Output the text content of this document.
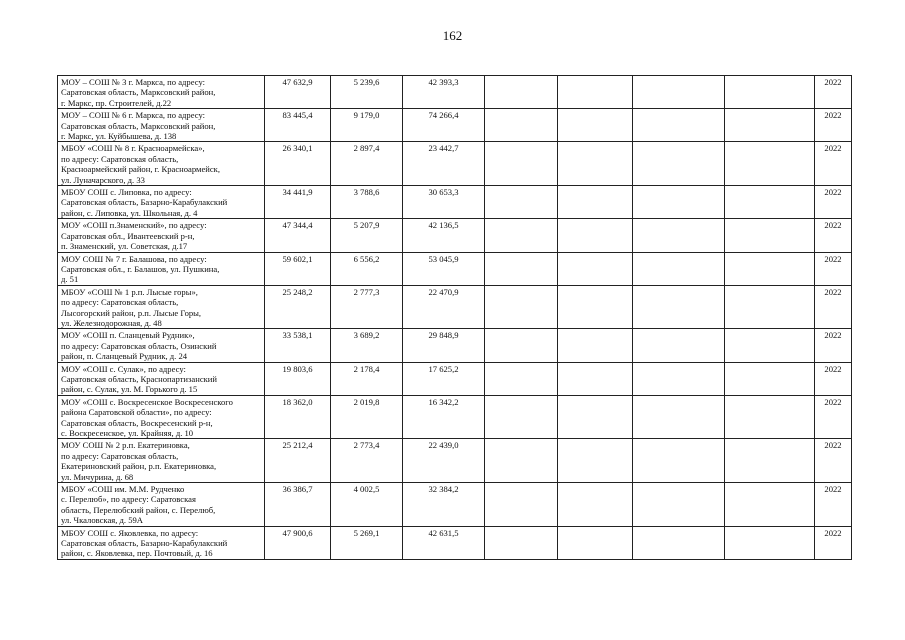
162
МОУ – СОШ № 3 г. Маркса, по адресу:
Саратовская область, Марксовский район,
г. Маркс, пр. Строителей, д.22	47 632,9	5 239,6	42 393,3					2022

МОУ – СОШ № 6 г. Маркса, по адресу:
Саратовская область, Марксовский район,
г. Маркс, ул. Куйбышева, д. 138	83 445,4	9 179,0	74 266,4					2022

МБОУ «СОШ № 8 г. Красноармейска»,
по адресу: Саратовская область,
Красноармейский район, г. Красноармейск,
ул. Луначарского, д. 33	26 340,1	2 897,4	23 442,7					2022

МБОУ СОШ с. Липовка, по адресу:
Саратовская область, Базарно-Карабулакский
район, с. Липовка, ул. Школьная, д. 4	34 441,9	3 788,6	30 653,3					2022

МОУ «СОШ п.Знаменский», по адресу:
Саратовская обл., Ивантеевский р-н,
п. Знаменский, ул. Советская, д.17	47 344,4	5 207,9	42 136,5					2022

МОУ СОШ № 7 г. Балашова, по адресу:
Саратовская обл., г. Балашов, ул. Пушкина,
д. 51	59 602,1	6 556,2	53 045,9					2022

МБОУ «СОШ № 1 р.п. Лысые горы»,
по адресу: Саратовская область,
Лысогорский район, р.п. Лысые Горы,
ул. Железнодорожная, д. 48	25 248,2	2 777,3	22 470,9					2022

МОУ «СОШ п. Сланцевый Рудник»,
по адресу: Саратовская область, Озинский
район, п. Сланцевый Рудник, д. 24	33 538,1	3 689,2	29 848,9					2022

МОУ «СОШ с. Сулак», по адресу:
Саратовская область, Краснопартизанский
район, с. Сулак, ул. М. Горького д. 15	19 803,6	2 178,4	17 625,2					2022

МОУ «СОШ с. Воскресенское Воскресенского
района Саратовской области», по адресу:
Саратовская область, Воскресенский р-н,
с. Воскресенское, ул. Крайняя, д. 10	18 362,0	2 019,8	16 342,2					2022

МОУ СОШ № 2 р.п. Екатериновка,
по адресу: Саратовская область,
Екатериновский район, р.п. Екатериновка,
ул. Мичурина, д. 68	25 212,4	2 773,4	22 439,0					2022

МБОУ «СОШ им. М.М. Рудченко
с. Перелюб», по адресу: Саратовская
область, Перелюбский район, с. Перелюб,
ул. Чкаловская, д. 59А	36 386,7	4 002,5	32 384,2					2022

МБОУ СОШ с. Яковлевка, по адресу:
Саратовская область, Базарно-Карабулакский
район, с. Яковлевка, пер. Почтовый, д. 16	47 900,6	5 269,1	42 631,5					2022
